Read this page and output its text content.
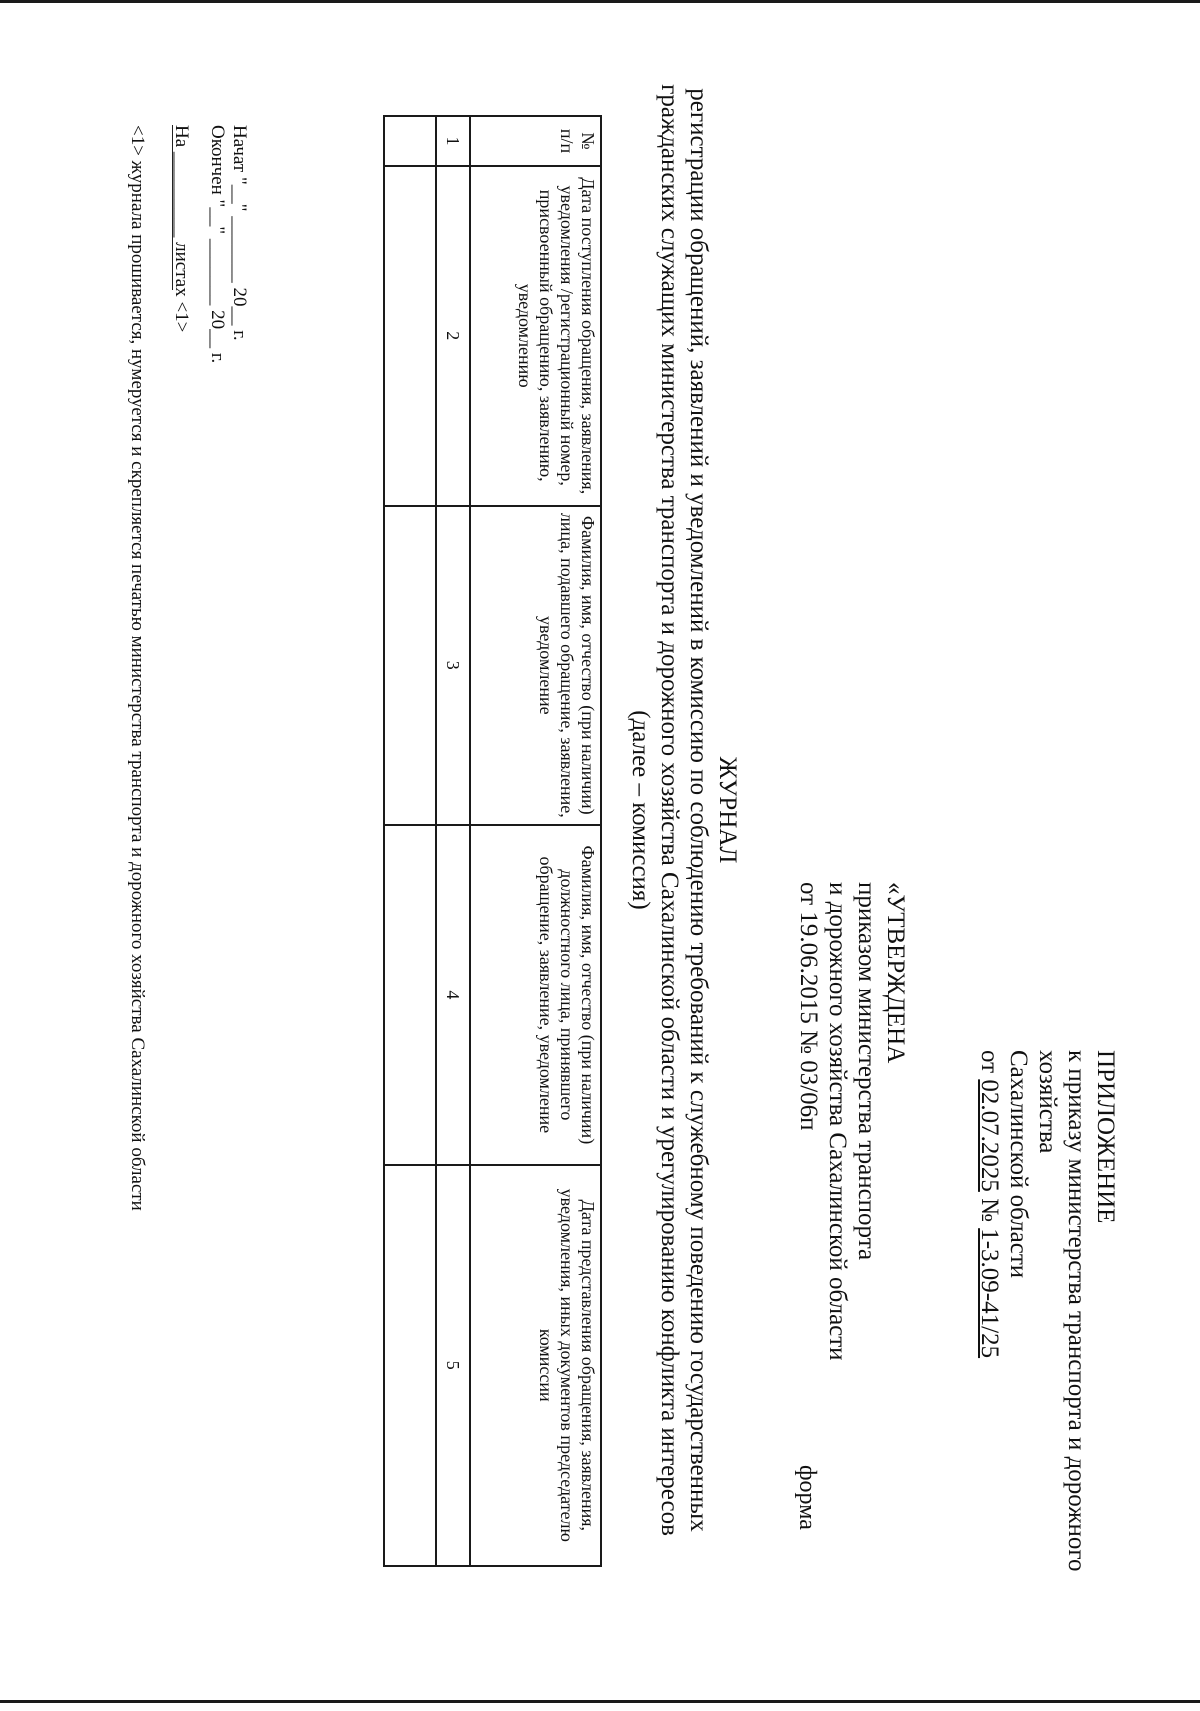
ПРИЛОЖЕНИЕ
к приказу министерства транспорта и дорожного хозяйства
Сахалинской области
от 02.07.2025 № 1-3.09-41/25
«УТВЕРЖДЕНА
приказом министерства транспорта
и дорожного хозяйства Сахалинской области
от 19.06.2015 № 03/06п
форма
ЖУРНАЛ
регистрации обращений, заявлений и уведомлений в комиссию по соблюдению требований к служебному поведению государственных гражданских служащих министерства транспорта и дорожного хозяйства Сахалинской области и урегулированию конфликта интересов (далее – комиссия)
№ п/п	Дата поступления обращения, заявления, уведомления /регистрационный номер, присвоенный обращению, заявлению, уведомлению	Фамилия, имя, отчество (при наличии) лица, подавшего обращение, заявление, уведомление	Фамилия, имя, отчество (при наличии) должностного лица, принявшего обращение, заявление, уведомление	Дата представления обращения, заявления, уведомления, иных документов председателю комиссии
1	2	3	4	5

Начат "__" _______ 20__ г.
Окончен "__" _______ 20__ г.
На _________ листах <1>
<1> журнала прошивается, нумеруется и скрепляется печатью министерства транспорта и дорожного хозяйства Сахалинской области
